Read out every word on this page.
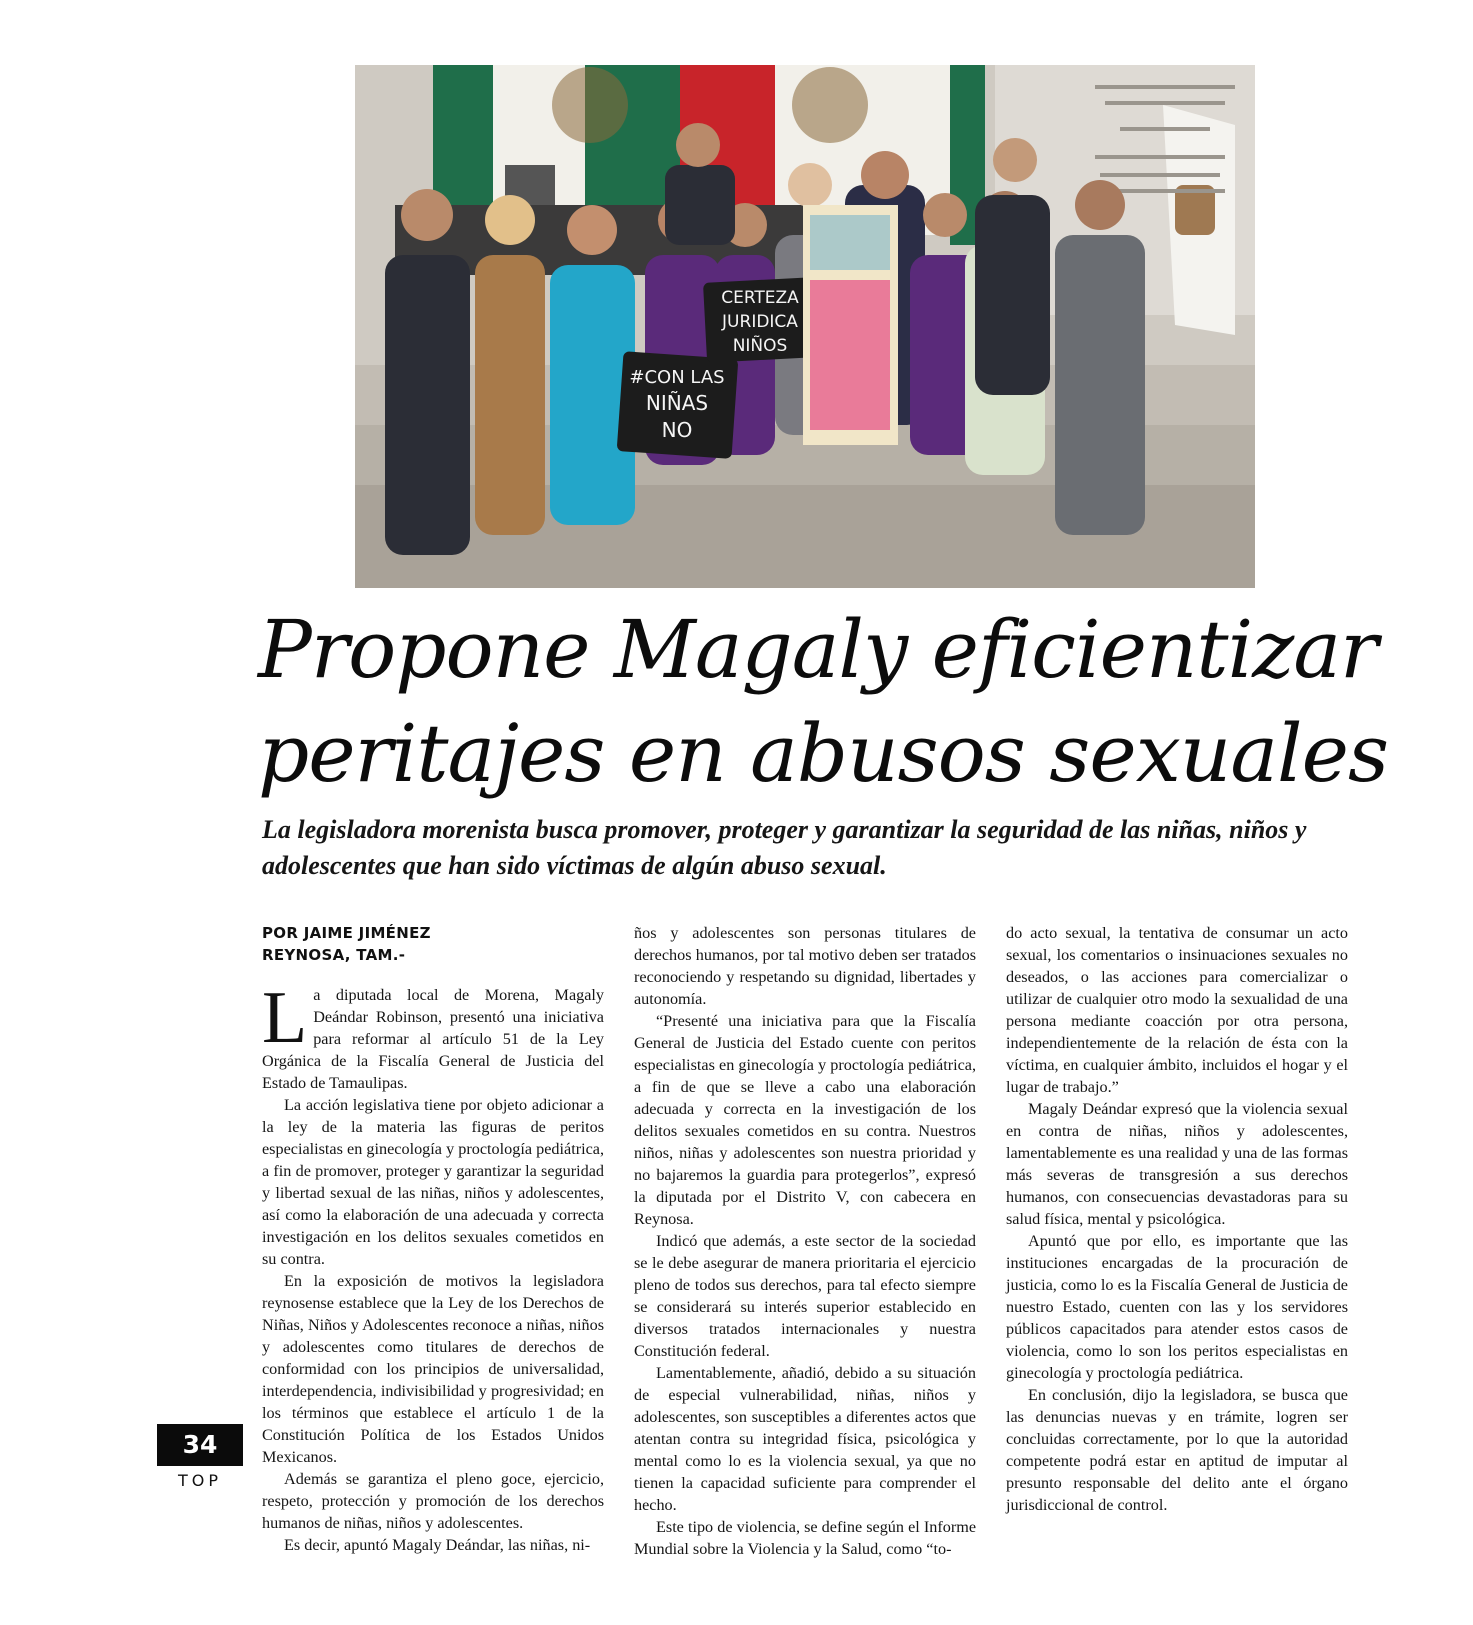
#CON LAS
NIÑAS
NO
CERTEZA
JURIDICA
NIÑOS
Propone Magaly eficientizar
peritajes en abusos sexuales

La legisladora morenista busca promover, proteger y garantizar la seguridad de las niñas, niños y adolescentes que han sido víctimas de algún abuso sexual.

POR JAIME JIMÉNEZ
REYNOSA, TAM.-

La diputada local de Morena, Magaly Deándar Robinson, presentó una iniciativa para reformar al artículo 51 de la Ley Orgánica de la Fiscalía General de Justicia del Estado de Tamaulipas.

La acción legislativa tiene por objeto adicionar a la ley de la materia las figuras de peritos especialistas en ginecología y proctología pediátrica, a fin de promover, proteger y garantizar la seguridad y libertad sexual de las niñas, niños y adolescentes, así como la elaboración de una adecuada y correcta investigación en los delitos sexuales cometidos en su contra.

En la exposición de motivos la legisladora reynosense establece que la Ley de los Derechos de Niñas, Niños y Adolescentes reconoce a niñas, niños y adolescentes como titulares de derechos de conformidad con los principios de universalidad, interdependencia, indivisibilidad y progresividad; en los términos que establece el artículo 1 de la Constitución Política de los Estados Unidos Mexicanos.

Además se garantiza el pleno goce, ejercicio, respeto, protección y promoción de los derechos humanos de niñas, niños y adolescentes.

Es decir, apuntó Magaly Deándar, las niñas, ni-

ños y adolescentes son personas titulares de derechos humanos, por tal motivo deben ser tratados reconociendo y respetando su dignidad, libertades y autonomía.

“Presenté una iniciativa para que la Fiscalía General de Justicia del Estado cuente con peritos especialistas en ginecología y proctología pediátrica, a fin de que se lleve a cabo una elaboración adecuada y correcta en la investigación de los delitos sexuales cometidos en su contra. Nuestros niños, niñas y adolescentes son nuestra prioridad y no bajaremos la guardia para protegerlos”, expresó la diputada por el Distrito V, con cabecera en Reynosa.

Indicó que además, a este sector de la sociedad se le debe asegurar de manera prioritaria el ejercicio pleno de todos sus derechos, para tal efecto siempre se considerará su interés superior establecido en diversos tratados internacionales y nuestra Constitución federal.

Lamentablemente, añadió, debido a su situación de especial vulnerabilidad, niñas, niños y adolescentes, son susceptibles a diferentes actos que atentan contra su integridad física, psicológica y mental como lo es la violencia sexual, ya que no tienen la capacidad suficiente para comprender el hecho.

Este tipo de violencia, se define según el Informe Mundial sobre la Violencia y la Salud, como “to-

do acto sexual, la tentativa de consumar un acto sexual, los comentarios o insinuaciones sexuales no deseados, o las acciones para comercializar o utilizar de cualquier otro modo la sexualidad de una persona mediante coacción por otra persona, independientemente de la relación de ésta con la víctima, en cualquier ámbito, incluidos el hogar y el lugar de trabajo.”

Magaly Deándar expresó que la violencia sexual en contra de niñas, niños y adolescentes, lamentablemente es una realidad y una de las formas más severas de transgresión a sus derechos humanos, con consecuencias devastadoras para su salud física, mental y psicológica.

Apuntó que por ello, es importante que las instituciones encargadas de la procuración de justicia, como lo es la Fiscalía General de Justicia de nuestro Estado, cuenten con las y los servidores públicos capacitados para atender estos casos de violencia, como lo son los peritos especialistas en ginecología y proctología pediátrica.

En conclusión, dijo la legisladora, se busca que las denuncias nuevas y en trámite, logren ser concluidas correctamente, por lo que la autoridad competente podrá estar en aptitud de imputar al presunto responsable del delito ante el órgano jurisdiccional de control.

34
TOP
